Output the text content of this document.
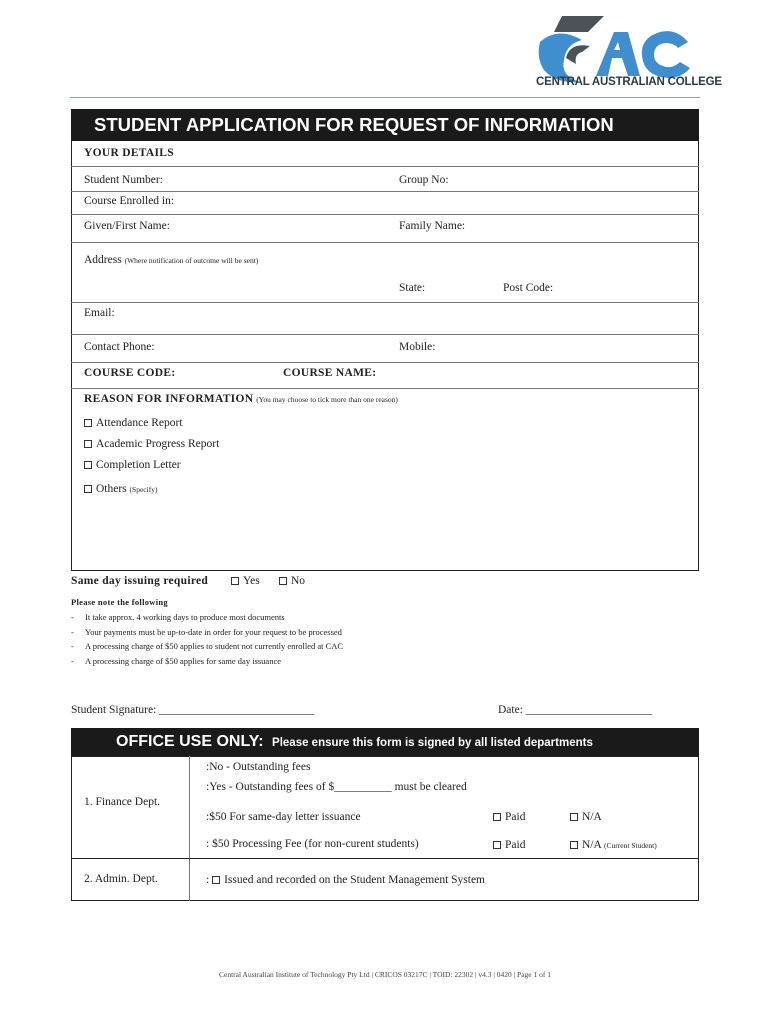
CENTRAL AUSTRALIAN COLLEGE
STUDENT APPLICATION FOR REQUEST OF INFORMATION
YOUR DETAILS
Student Number:	Group No:
Course Enrolled in:
Given/First Name:	Family Name:
Address (Where notification of outcome will be sent)
State:	Post Code:
Email:
Contact Phone:	Mobile:
COURSE CODE:	COURSE NAME:
REASON FOR INFORMATION (You may choose to tick more than one reason)
Attendance Report
Academic Progress Report
Completion Letter
Others (Specify)
Same day issuing required	Yes	No
Please note the following
- It take approx. 4 working days to produce most documents
- Your payments must be up-to-date in order for your request to be processed
- A processing charge of $50 applies to student not currently enrolled at CAC
- A processing charge of $50 applies for same day issuance
Student Signature: ___________________________	Date: ______________________
OFFICE USE ONLY: Please ensure this form is signed by all listed departments
1. Finance Dept.
:No - Outstanding fees
:Yes - Outstanding fees of $__________ must be cleared
:$50 For same-day letter issuance	Paid	N/A
: $50 Processing Fee (for non-curent students)	Paid	N/A (Current Student)
2. Admin. Dept.	: Issued and recorded on the Student Management System
Central Australian Institute of Technology Pty Ltd | CRICOS 03217C | TOID: 22302 | v4.3 | 0420 | Page 1 of 1
